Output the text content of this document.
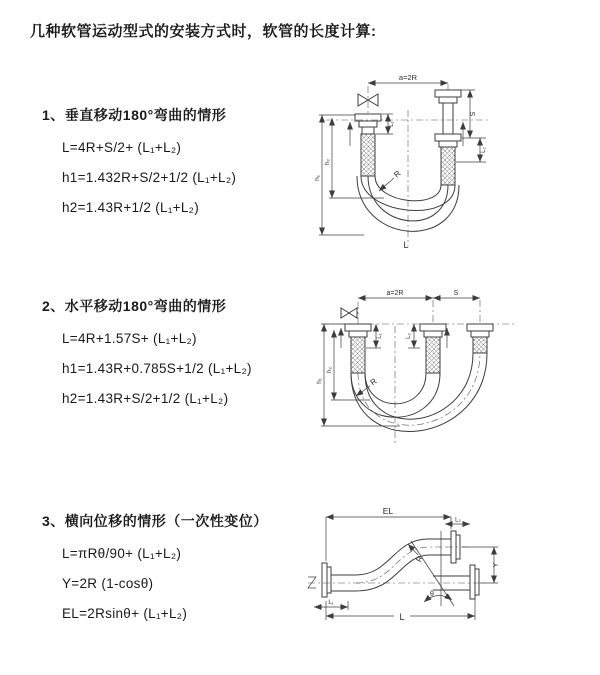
几种软管运动型式的安装方式时，软管的长度计算:
1、垂直移动180°弯曲的情形
L=4R+S/2+ (L₁+L₂)
h1=1.432R+S/2+1/2 (L₁+L₂)
h2=1.43R+1/2 (L₁+L₂)
a=2R
h₁
h₂
L₁
S
L₂
R
L
2、水平移动180°弯曲的情形
L=4R+1.57S+ (L₁+L₂)
h1=1.43R+0.785S+1/2 (L₁+L₂)
h2=1.43R+S/2+1/2 (L₁+L₂)
a=2R	S
h₁
h₂
L₁	L₂
R
3、横向位移的情形（一次性变位）
L=πRθ/90+ (L₁+L₂)
Y=2R (1-cosθ)
EL=2Rsinθ+ (L₁+L₂)
EL
L₂
Y
θ
R
L₁
L
